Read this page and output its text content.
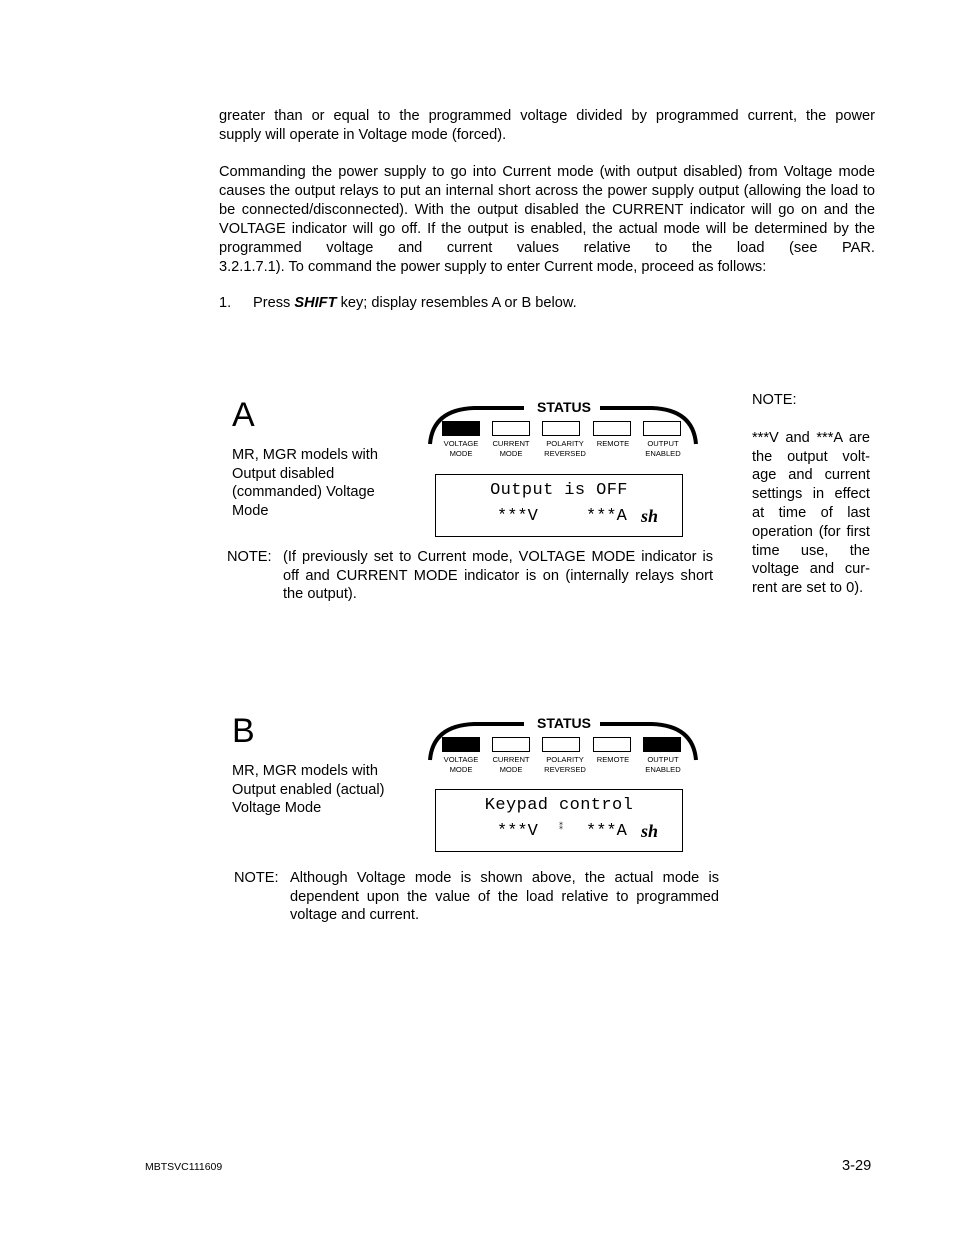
greater than or equal to the programmed voltage divided by programmed current, the power
supply will operate in Voltage mode (forced).

Commanding the power supply to go into Current mode (with output disabled) from Voltage mode causes the output relays to put an internal short across the power supply output (allowing the load to be connected/disconnected). With the output disabled the CURRENT indicator will go on and the VOLTAGE indicator will go off. If the output is enabled, the actual mode will be determined by the programmed voltage and current values relative to the load (see PAR.
3.2.1.7.1). To command the power supply to enter Current mode, proceed as follows:

1. Press SHIFT key; display resembles A or B below.
A
MR, MGR models with Output disabled (commanded) Voltage Mode
STATUS
VOLTAGE
MODE
CURRENT
MODE
POLARITY
REVERSED
REMOTE	OUTPUT
ENABLED
Output is OFF
***V	***A sh
NOTE: (If previously set to Current mode, VOLTAGE MODE indicator is off and CURRENT MODE indicator is on (internally relays short the output).
NOTE:
***V and ***A are the output volt-age and current settings in effect at time of last operation (for first time use, the voltage and cur-rent are set to 0).
B
MR, MGR models with Output enabled (actual) Voltage Mode
STATUS
VOLTAGE
MODE
CURRENT
MODE
POLARITY
REVERSED
REMOTE	OUTPUT
ENABLED
Keypad control
***V	⁑ ***A sh
NOTE: Although Voltage mode is shown above, the actual mode is dependent upon the value of the load relative to programmed voltage and current.
MBTSVC111609	3-29
